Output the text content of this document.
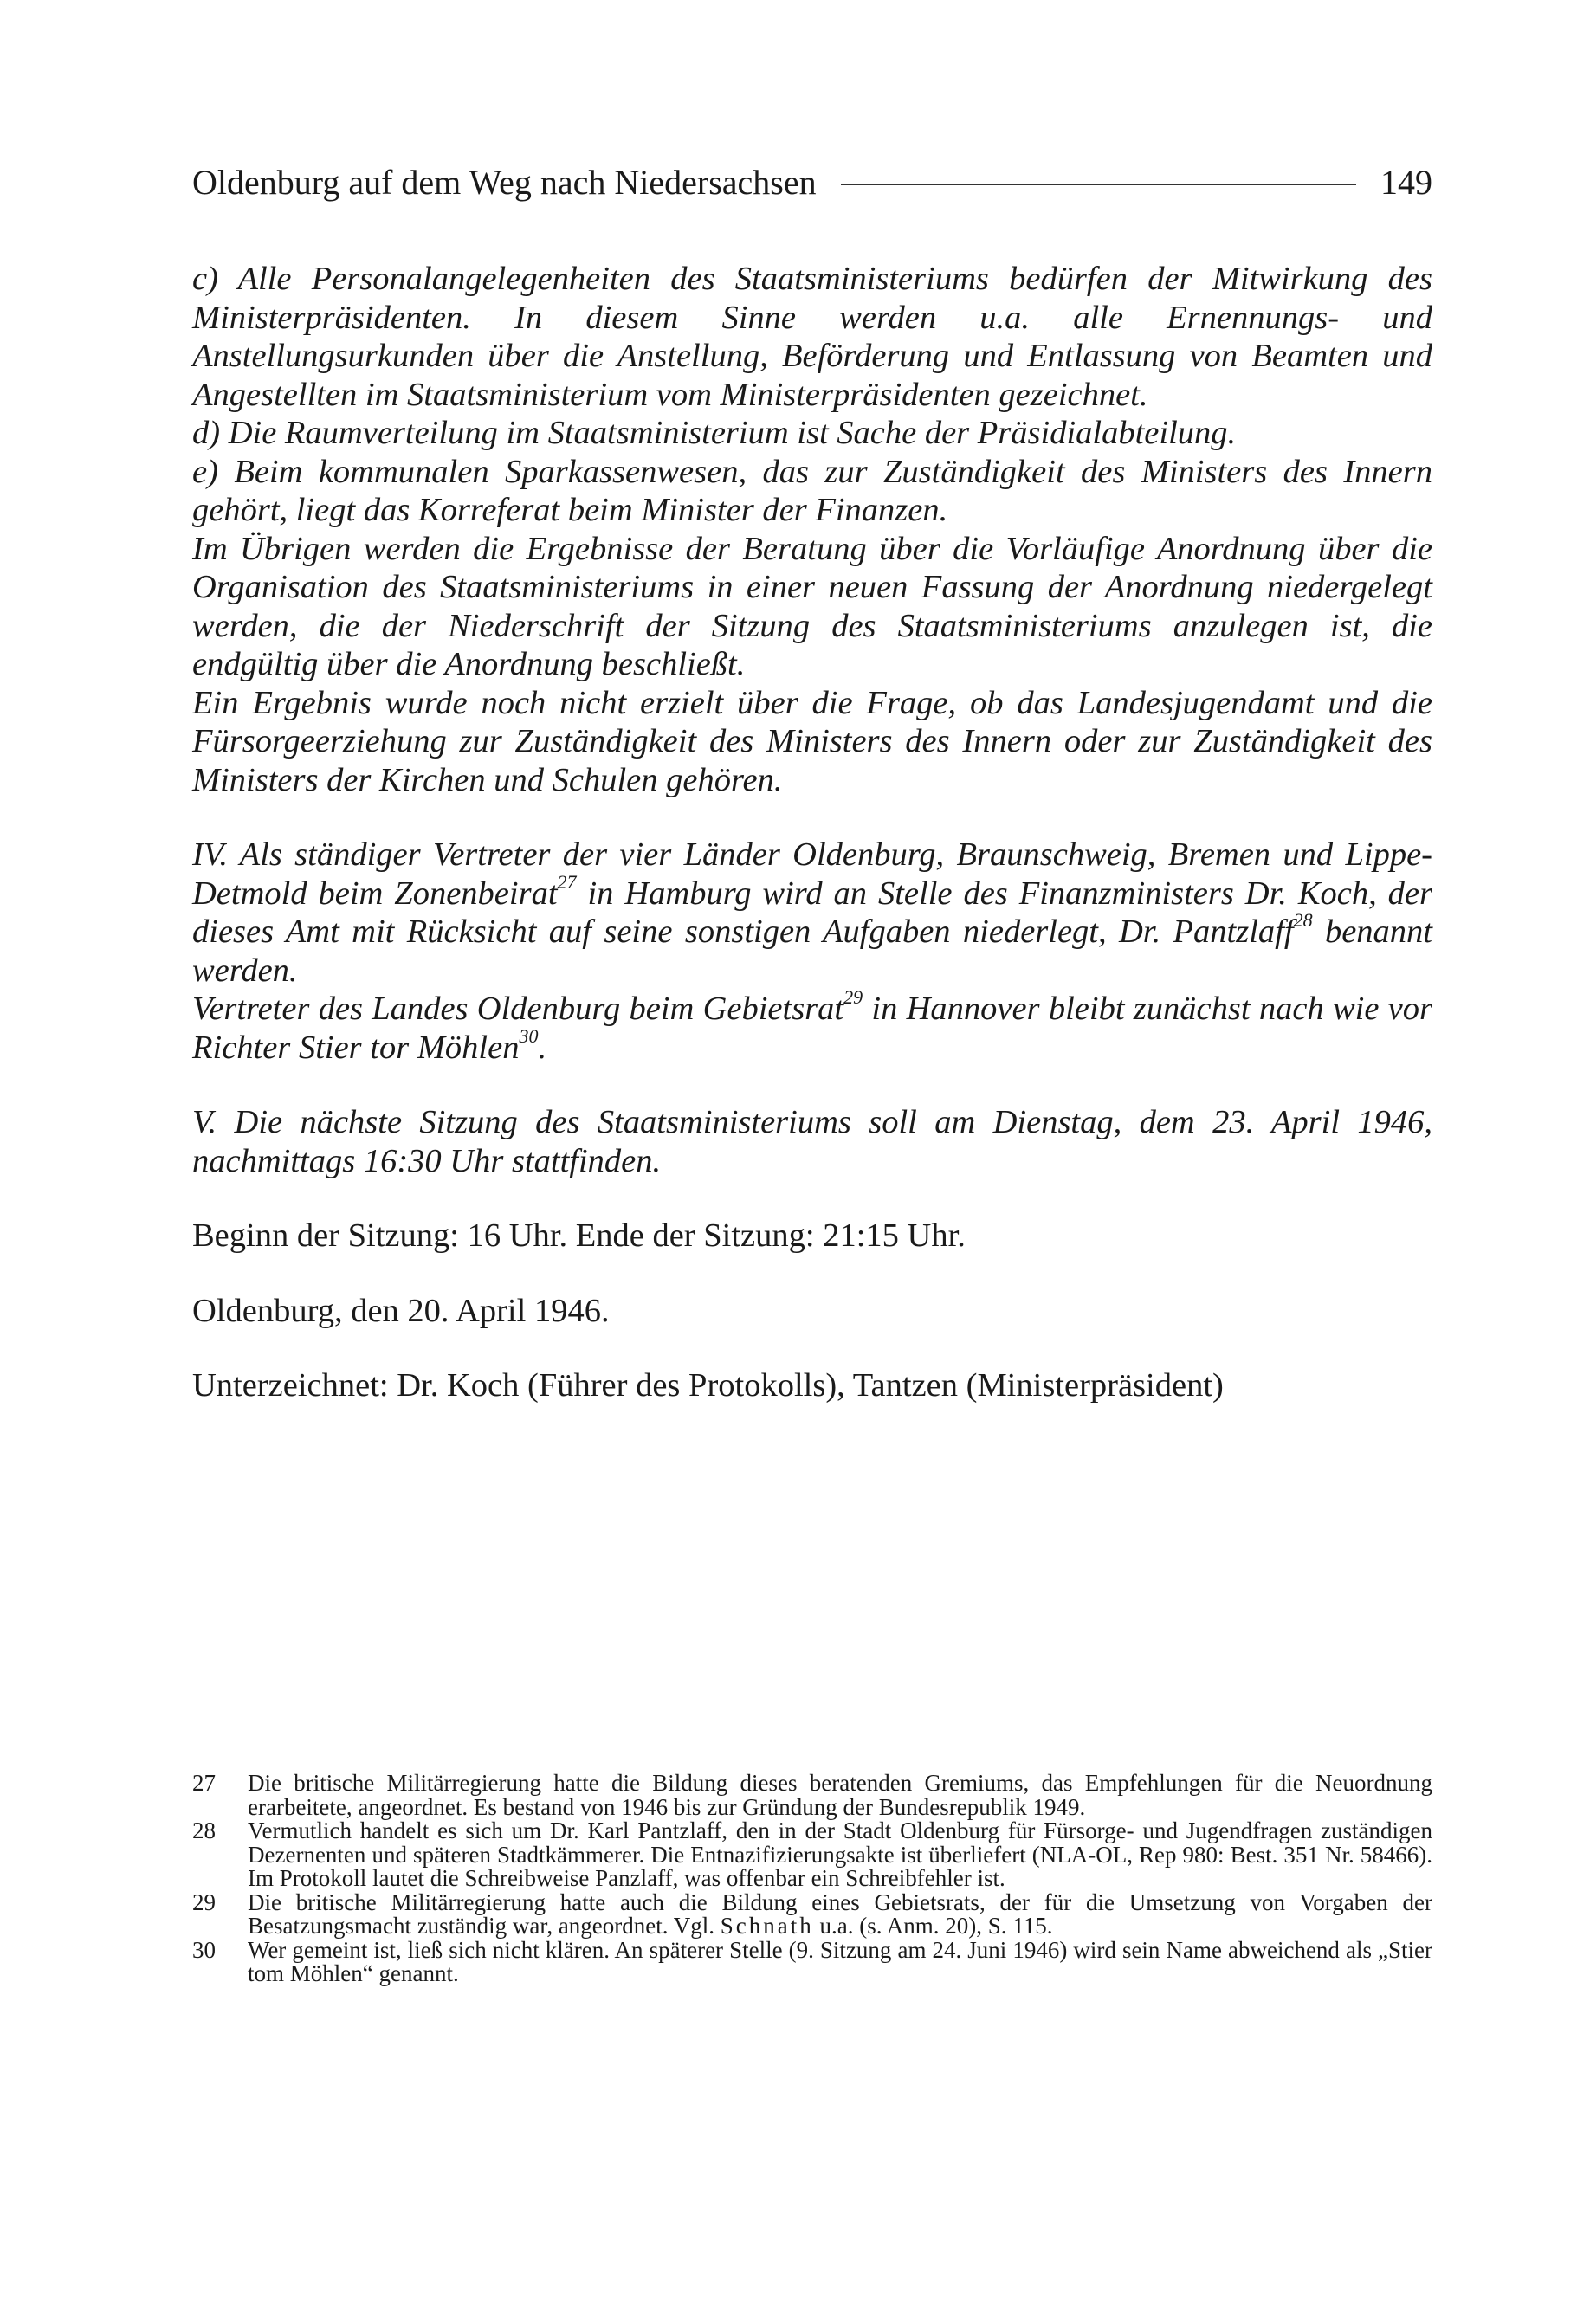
Oldenburg auf dem Weg nach Niedersachsen	149

c) Alle Personalangelegenheiten des Staatsministeriums bedürfen der Mitwirkung des Ministerpräsidenten. In diesem Sinne werden u.a. alle Ernennungs- und Anstellungsurkunden über die Anstellung, Beförderung und Entlassung von Beamten und Angestellten im Staatsministerium vom Ministerpräsidenten gezeichnet.

d) Die Raumverteilung im Staatsministerium ist Sache der Präsidialabteilung.

e) Beim kommunalen Sparkassenwesen, das zur Zuständigkeit des Ministers des Innern gehört, liegt das Korreferat beim Minister der Finanzen.

Im Übrigen werden die Ergebnisse der Beratung über die Vorläufige Anordnung über die Organisation des Staatsministeriums in einer neuen Fassung der Anordnung niedergelegt werden, die der Niederschrift der Sitzung des Staatsministeriums anzulegen ist, die endgültig über die Anordnung beschließt.

Ein Ergebnis wurde noch nicht erzielt über die Frage, ob das Landesjugendamt und die Fürsorgeerziehung zur Zuständigkeit des Ministers des Innern oder zur Zuständigkeit des Ministers der Kirchen und Schulen gehören.

IV. Als ständiger Vertreter der vier Länder Oldenburg, Braunschweig, Bremen und Lippe-Detmold beim Zonenbeirat$^{27}$ in Hamburg wird an Stelle des Finanzministers Dr. Koch, der dieses Amt mit Rücksicht auf seine sonstigen Aufgaben niederlegt, Dr. Pantzlaff$^{28}$ benannt werden.

Vertreter des Landes Oldenburg beim Gebietsrat$^{29}$ in Hannover bleibt zunächst nach wie vor Richter Stier tor Möhlen$^{30}$.

V. Die nächste Sitzung des Staatsministeriums soll am Dienstag, dem 23. April 1946, nachmittags 16:30 Uhr stattfinden.

Beginn der Sitzung: 16 Uhr. Ende der Sitzung: 21:15 Uhr.

Oldenburg, den 20. April 1946.

Unterzeichnet: Dr. Koch (Führer des Protokolls), Tantzen (Ministerpräsident)

27	Die britische Militärregierung hatte die Bildung dieses beratenden Gremiums, das Empfehlungen für die Neuordnung erarbeitete, angeordnet. Es bestand von 1946 bis zur Gründung der Bundesrepublik 1949.
28	Vermutlich handelt es sich um Dr. Karl Pantzlaff, den in der Stadt Oldenburg für Fürsorge- und Jugendfragen zuständigen Dezernenten und späteren Stadtkämmerer. Die Entnazifizierungsakte ist überliefert (NLA-OL, Rep 980: Best. 351 Nr. 58466). Im Protokoll lautet die Schreibweise Panzlaff, was offenbar ein Schreibfehler ist.
29	Die britische Militärregierung hatte auch die Bildung eines Gebietsrats, der für die Umsetzung von Vorgaben der Besatzungsmacht zuständig war, angeordnet. Vgl. Schnath u.a. (s. Anm. 20), S. 115.
30	Wer gemeint ist, ließ sich nicht klären. An späterer Stelle (9. Sitzung am 24. Juni 1946) wird sein Name abweichend als „Stier tom Möhlen“ genannt.
